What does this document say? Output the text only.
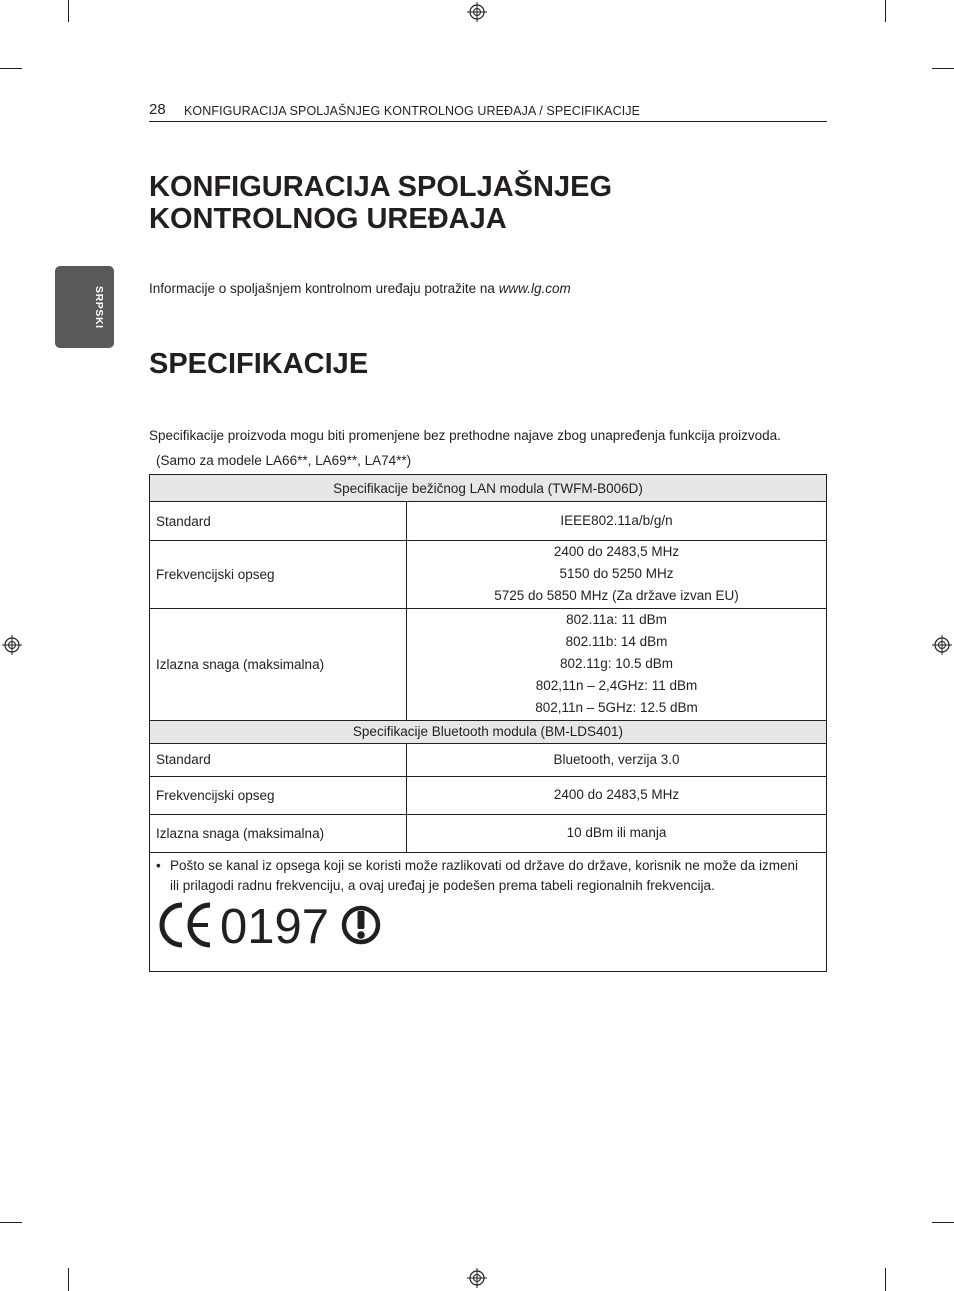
28 KONFIGURACIJA SPOLJAŠNJEG KONTROLNOG UREĐAJA / SPECIFIKACIJE
SRPSKI
KONFIGURACIJA SPOLJAŠNJEG
KONTROLNOG UREĐAJA
Informacije o spoljašnjem kontrolnom uređaju potražite na www.lg.com
SPECIFIKACIJE
Specifikacije proizvoda mogu biti promenjene bez prethodne najave zbog unapređenja funkcija proizvoda.
(Samo za modele LA66**, LA69**, LA74**)
Specifikacije bežičnog LAN modula (TWFM-B006D)	
Standard	IEEE802.11a/b/g/n

Frekvencijski opseg	2400 do 2483,5 MHz
5150 do 5250 MHz
5725 do 5850 MHz (Za države izvan EU)

Izlazna snaga (maksimalna)	802.11a: 11 dBm
802.11b: 14 dBm
802.11g: 10.5 dBm
802,11n – 2,4GHz: 11 dBm
802,11n – 5GHz: 12.5 dBm

Specifikacije Bluetooth modula (BM-LDS401)	
Standard	Bluetooth, verzija 3.0

Frekvencijski opseg	2400 do 2483,5 MHz

Izlazna snaga (maksimalna)	10 dBm ili manja

• Pošto se kanal iz opsega koji se koristi može razlikovati od države do države, korisnik ne može da izmeni ili prilagodi radnu frekvenciju, a ovaj uređaj je podešen prema tabeli regionalnih frekvencija.
0197	
